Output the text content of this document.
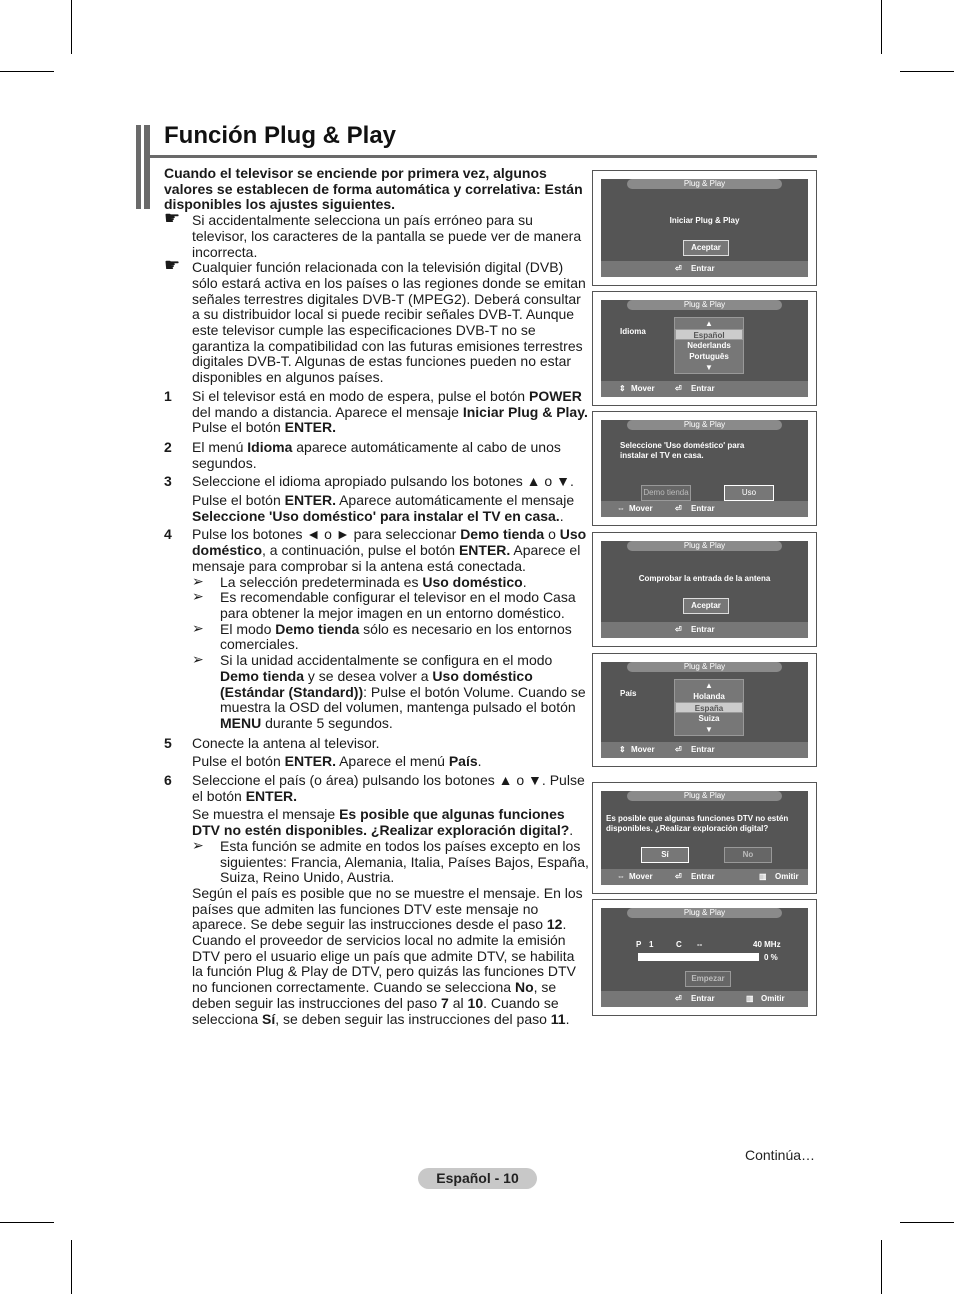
Función Plug & Play

Cuando el televisor se enciende por primera vez, algunos valores se establecen de forma automática y correlativa: Están disponibles los ajustes siguientes.

☛ Si accidentalmente selecciona un país erróneo para su televisor, los caracteres de la pantalla se puede ver de manera incorrecta.
☛ Cualquier función relacionada con la televisión digital (DVB) sólo estará activa en los países o las regiones donde se emitan señales terrestres digitales DVB-T (MPEG2). Deberá consultar a su distribuidor local si puede recibir señales DVB-T. Aunque este televisor cumple las especificaciones DVB-T no se garantiza la compatibilidad con las futuras emisiones terrestres digitales DVB-T. Algunas de estas funciones pueden no estar disponibles en algunos países.
1 Si el televisor está en modo de espera, pulse el botón POWER del mando a distancia. Aparece el mensaje Iniciar Plug & Play. Pulse el botón ENTER.
2 El menú Idioma aparece automáticamente al cabo de unos segundos.
3 Seleccione el idioma apropiado pulsando los botones ▲ o ▼.
Pulse el botón ENTER. Aparece automáticamente el mensaje Seleccione 'Uso doméstico' para instalar el TV en casa..
4 Pulse los botones ◄ o ► para seleccionar Demo tienda o Uso doméstico, a continuación, pulse el botón ENTER. Aparece el mensaje para comprobar si la antena está conectada.
➢ La selección predeterminada es Uso doméstico.
➢ Es recomendable configurar el televisor en el modo Casa para obtener la mejor imagen en un entorno doméstico.
➢ El modo Demo tienda sólo es necesario en los entornos comerciales.
➢ Si la unidad accidentalmente se configura en el modo Demo tienda y se desea volver a Uso doméstico (Estándar (Standard)): Pulse el botón Volume. Cuando se muestra la OSD del volumen, mantenga pulsado el botón MENU durante 5 segundos.
5 Conecte la antena al televisor.
Pulse el botón ENTER. Aparece el menú País.
6 Seleccione el país (o área) pulsando los botones ▲ o ▼. Pulse el botón ENTER.
Se muestra el mensaje Es posible que algunas funciones DTV no estén disponibles. ¿Realizar exploración digital?.
➢ Esta función se admite en todos los países excepto en los siguientes: Francia, Alemania, Italia, Países Bajos, España, Suiza, Reino Unido, Austria.
Según el país es posible que no se muestre el mensaje. En los países que admiten las funciones DTV este mensaje no aparece. Se debe seguir las instrucciones desde el paso 12. Cuando el proveedor de servicios local no admite la emisión DTV pero el usuario elige un país que admite DTV, se habilita la función Plug & Play de DTV, pero quizás las funciones DTV no funcionen correctamente. Cuando se selecciona No, se deben seguir las instrucciones del paso 7 al 10. Cuando se selecciona Sí, se deben seguir las instrucciones del paso 11.
Plug & Play
Iniciar Plug & Play
Aceptar
⏎ Entrar
Plug & Play
Idioma
▲
Español
Nederlands
Português
▼
⇕ Mover	⏎ Entrar
Plug & Play
Seleccione 'Uso doméstico' para instalar el TV en casa.
Demo tienda	Uso
⇔ Mover	⏎ Entrar
Plug & Play
Comprobar la entrada de la antena
Aceptar
⏎ Entrar
Plug & Play
País
▲
Holanda
España
Suiza
▼
⇕ Mover	⏎ Entrar
Plug & Play
Es posible que algunas funciones DTV no estén disponibles. ¿Realizar exploración digital?
Sí	No
⇔ Mover	⏎ Entrar	▥ Omitir
Plug & Play
P 1	C --	40 MHz
0 %
Empezar
⏎ Entrar	▥ Omitir
Continúa…
Español - 10
